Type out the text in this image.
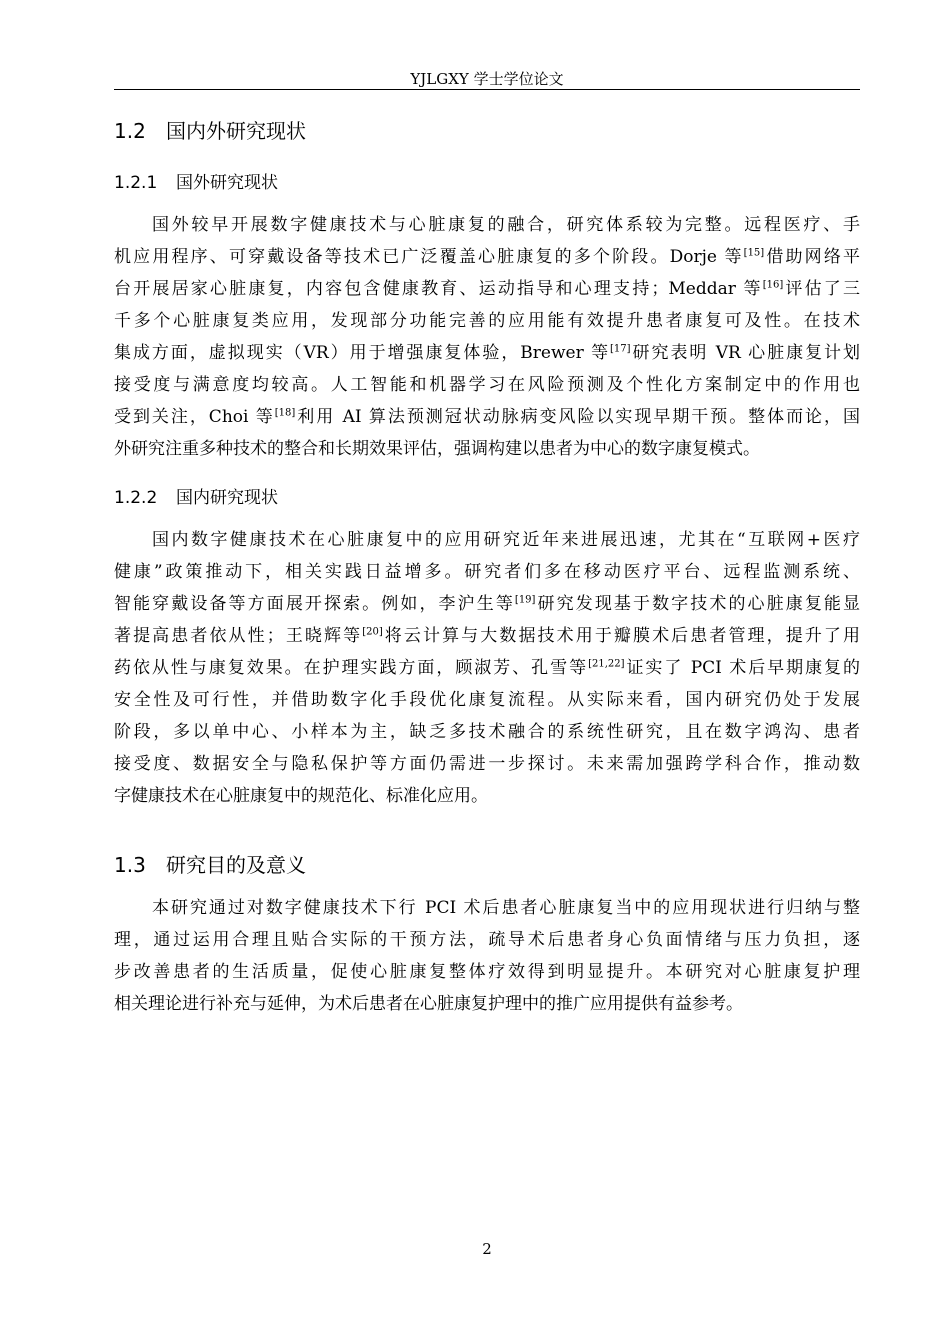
YJLGXY 学士学位论文
1.2 国内外研究现状
1.2.1 国外研究现状
国外较早开展数字健康技术与心脏康复的融合，研究体系较为完整。远程医疗、手
机应用程序、可穿戴设备等技术已广泛覆盖心脏康复的多个阶段。Dorje 等[15]借助网络平
台开展居家心脏康复，内容包含健康教育、运动指导和心理支持；Meddar 等[16]评估了三
千多个心脏康复类应用，发现部分功能完善的应用能有效提升患者康复可及性。在技术
集成方面，虚拟现实（VR）用于增强康复体验，Brewer 等[17]研究表明 VR 心脏康复计划
接受度与满意度均较高。人工智能和机器学习在风险预测及个性化方案制定中的作用也
受到关注，Choi 等[18]利用 AI 算法预测冠状动脉病变风险以实现早期干预。整体而论，国
外研究注重多种技术的整合和长期效果评估，强调构建以患者为中心的数字康复模式。
1.2.2 国内研究现状
国内数字健康技术在心脏康复中的应用研究近年来进展迅速，尤其在“互联网+医疗
健康”政策推动下，相关实践日益增多。研究者们多在移动医疗平台、远程监测系统、
智能穿戴设备等方面展开探索。例如，李沪生等[19]研究发现基于数字技术的心脏康复能显
著提高患者依从性；王晓辉等[20]将云计算与大数据技术用于瓣膜术后患者管理，提升了用
药依从性与康复效果。在护理实践方面，顾淑芳、孔雪等[21,22]证实了 PCI 术后早期康复的
安全性及可行性，并借助数字化手段优化康复流程。从实际来看，国内研究仍处于发展
阶段，多以单中心、小样本为主，缺乏多技术融合的系统性研究，且在数字鸿沟、患者
接受度、数据安全与隐私保护等方面仍需进一步探讨。未来需加强跨学科合作，推动数
字健康技术在心脏康复中的规范化、标准化应用。
1.3 研究目的及意义
本研究通过对数字健康技术下行 PCI 术后患者心脏康复当中的应用现状进行归纳与整
理，通过运用合理且贴合实际的干预方法，疏导术后患者身心负面情绪与压力负担，逐
步改善患者的生活质量，促使心脏康复整体疗效得到明显提升。本研究对心脏康复护理
相关理论进行补充与延伸，为术后患者在心脏康复护理中的推广应用提供有益参考。
2
